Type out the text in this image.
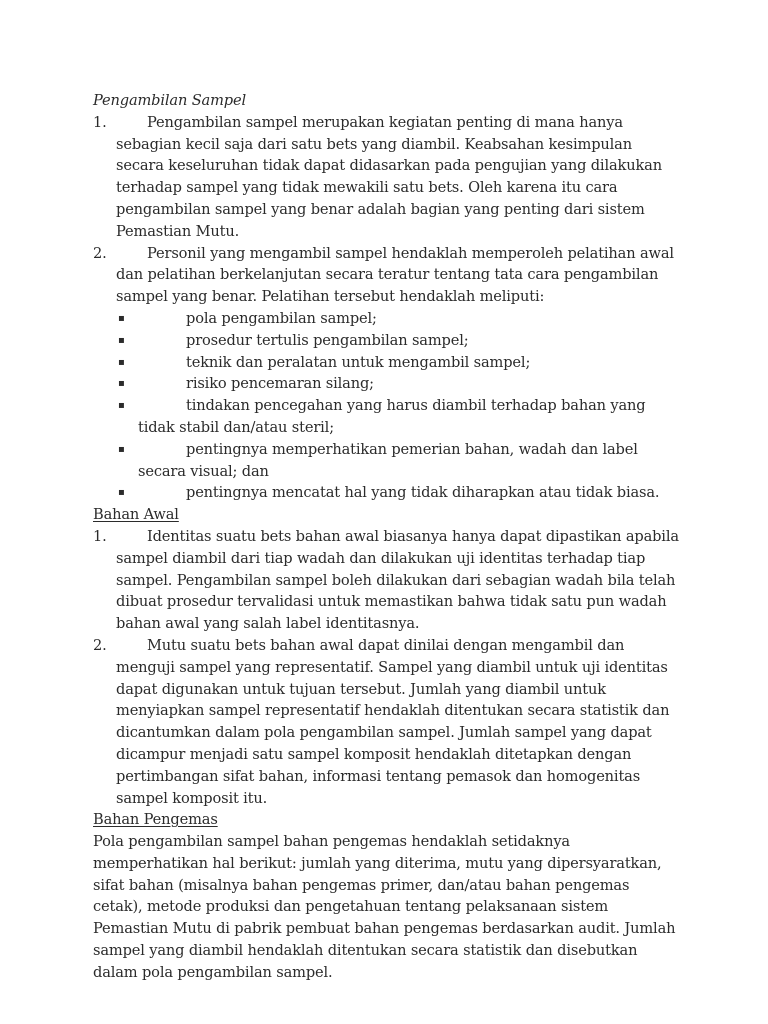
Pengambilan Sampel
1.	Pengambilan sampel merupakan kegiatan penting di mana hanya sebagian kecil saja dari satu bets yang diambil. Keabsahan kesimpulan secara keseluruhan tidak dapat didasarkan pada pengujian yang dilakukan terhadap sampel yang tidak mewakili satu bets. Oleh karena itu cara pengambilan sampel yang benar adalah bagian yang penting dari sistem Pemastian Mutu.
2.	Personil yang mengambil sampel hendaklah memperoleh pelatihan awal dan pelatihan berkelanjutan secara teratur tentang tata cara pengambilan sampel yang benar. Pelatihan tersebut hendaklah meliputi:
▪	pola pengambilan sampel;
▪	prosedur tertulis pengambilan sampel;
▪	teknik dan peralatan untuk mengambil sampel;
▪	risiko pencemaran silang;
▪	tindakan pencegahan yang harus diambil terhadap bahan yang tidak stabil dan/atau steril;
▪	pentingnya memperhatikan pemerian bahan, wadah dan label secara visual; dan
▪	pentingnya mencatat hal yang tidak diharapkan atau tidak biasa.
Bahan Awal
1.	Identitas suatu bets bahan awal biasanya hanya dapat dipastikan apabila sampel diambil dari tiap wadah dan dilakukan uji identitas terhadap tiap sampel. Pengambilan sampel boleh dilakukan dari sebagian wadah bila telah dibuat prosedur tervalidasi untuk memastikan bahwa tidak satu pun wadah bahan awal yang salah label identitasnya.
2.	Mutu suatu bets bahan awal dapat dinilai dengan mengambil dan menguji sampel yang representatif. Sampel yang diambil untuk uji identitas dapat digunakan untuk tujuan tersebut. Jumlah yang diambil untuk menyiapkan sampel representatif hendaklah ditentukan secara statistik dan dicantumkan dalam pola pengambilan sampel. Jumlah sampel yang dapat dicampur menjadi satu sampel komposit hendaklah ditetapkan dengan pertimbangan sifat bahan, informasi tentang pemasok dan homogenitas sampel komposit itu.
Bahan Pengemas
Pola pengambilan sampel bahan pengemas hendaklah setidaknya memperhatikan hal berikut: jumlah yang diterima, mutu yang dipersyaratkan, sifat bahan (misalnya bahan pengemas primer, dan/atau bahan pengemas cetak), metode produksi dan pengetahuan tentang pelaksanaan sistem Pemastian Mutu di pabrik pembuat bahan pengemas berdasarkan audit. Jumlah sampel yang diambil hendaklah ditentukan secara statistik dan disebutkan dalam pola pengambilan sampel.
